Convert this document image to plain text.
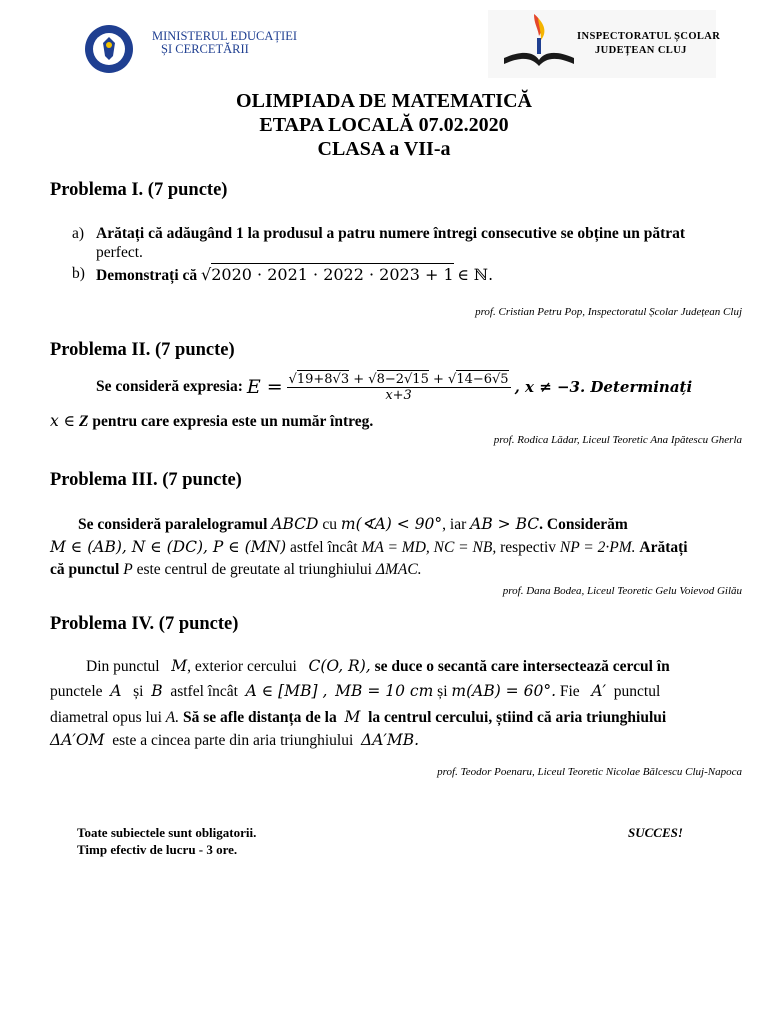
MINISTERUL EDUCAȚIEI
ȘI CERCETĂRII
INSPECTORATUL ȘCOLAR
JUDEȚEAN CLUJ
OLIMPIADA DE MATEMATICĂ
ETAPA LOCALĂ 07.02.2020
CLASA a VII-a
Problema I. (7 puncte)
a) Arătați că adăugând 1 la produsul a patru numere întregi consecutive se obține un pătrat
perfect.
b) Demonstrați că √2020 · 2021 · 2022 · 2023 + 1 ∈ ℕ.
prof. Cristian Petru Pop, Inspectoratul Școlar Județean Cluj
Problema II. (7 puncte)
Se consideră expresia:
E =
$\frac{√19+8√3 + √8-2√15 + √14-6√5}{x+3}$ , x ≠ −3. Determinați
x ∈ Z pentru care expresia este un număr întreg.
prof. Rodica Lădar, Liceul Teoretic Ana Ipătescu Gherla
Problema III. (7 puncte)
Se consideră paralelogramul ABCD cu m(∢A) < 90°, iar AB > BC. Considerăm
M ∈ (AB), N ∈ (DC), P ∈ (MN) astfel încât MA = MD, NC = NB, respectiv NP = 2·PM. Arătați
că punctul P este centrul de greutate al triunghiului ΔMAC.
prof. Dana Bodea, Liceul Teoretic Gelu Voievod Gilău
Problema IV. (7 puncte)
Din punctul M, exterior cercului C(O, R), se duce o secantă care intersectează cercul în
punctele A și B astfel încât A ∈ [MB] , MB = 10 cm și m(AB) = 60°. Fie A′ punctul
diametral opus lui A. Să se afle distanța de la M la centrul cercului, știind că aria triunghiului
ΔA′OM este a cincea parte din aria triunghiului ΔA′MB.
prof. Teodor Poenaru, Liceul Teoretic Nicolae Bălcescu Cluj-Napoca
Toate subiectele sunt obligatorii.
Timp efectiv de lucru - 3 ore.
SUCCES!
